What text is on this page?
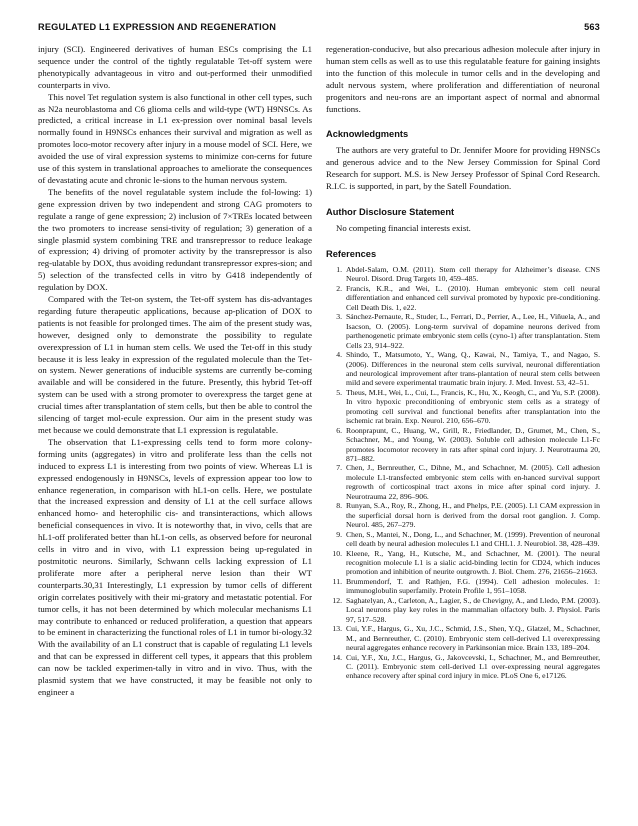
REGULATED L1 EXPRESSION AND REGENERATION	563

injury (SCI). Engineered derivatives of human ESCs comprising the L1 sequence under the control of the tightly regulatable Tet-off system were phenotypically advantageous in vitro and out-performed their unmodified counterparts in vivo.

This novel Tet regulation system is also functional in other cell types, such as N2a neuroblastoma and C6 glioma cells and wild-type (WT) H9NSCs. As predicted, a critical increase in L1 ex-pression over nominal basal levels normally found in H9NSCs enhances their survival and migration as well as promotes loco-motor recovery after injury in a mouse model of SCI. Here, we avoided the use of viral expression systems to minimize con-cerns for future use of this system in translational approaches to ameliorate the consequences of devastating acute and chronic le-sions to the human nervous system.

The benefits of the novel regulatable system include the fol-lowing: 1) gene expression driven by two independent and strong CAG promoters to regulate a range of gene expression; 2) inclusion of 7×TREs located between the two promoters to increase sensi-tivity of regulation; 3) generation of a single plasmid system combining TRE and transrepressor to reduce leakage of expression; 4) driving of promoter activity by the transrepressor is also reg-ulatable by DOX, thus avoiding redundant transrepressor expres-sion; and 5) selection of the transfected cells in vitro by G418 independently of regulation by DOX.

Compared with the Tet-on system, the Tet-off system has dis-advantages regarding future therapeutic applications, because ap-plication of DOX to patients is not feasible for prolonged times. The aim of the present study was, however, designed only to demonstrate the possibility to regulate overexpression of L1 in human stem cells. We used the Tet-off in this study because it is less leaky in expression of the regulated molecule than the Tet-on system. Newer generations of inducible systems are currently be-coming available and will be considered in the future. Presently, this hybrid Tet-off system can be used with a strong promoter to overexpress the target gene at crucial times after transplantation of stem cells, but then be able to control the silencing of target mol-ecule expression. Our aim in the present study was met because we could demonstrate that L1 expression is regulatable.

The observation that L1-expressing cells tend to form more colony-forming units (aggregates) in vitro and proliferate less than the cells not induced to express L1 is interesting from two points of view. Whereas L1 is expressed endogenously in H9NSCs, levels of expression appear too low to enhance regeneration, in comparison with hL1-on cells. Here, we postulate that the increased expression and density of L1 at the cell surface allows enhanced homo- and heterophilic cis- and transinteractions, which allows beneficial consequences in vivo. It is noteworthy that, in vivo, cells that are hL1-off proliferated better than hL1-on cells, as observed before for neuronal cells in vitro and in vivo, with L1 expression being up-regulated in postmitotic neurons. Similarly, Schwann cells lacking expression of L1 proliferate more after a peripheral nerve lesion than their WT counterparts.30,31 Interestingly, L1 expression by tumor cells of different origin correlates positively with their mi-gratory and metastatic potential. For tumor cells, it has not been determined by which molecular mechanisms L1 may contribute to enhanced or reduced proliferation, a question that appears to be eminent in characterizing the functional roles of L1 in tumor bi-ology.32 With the availability of an L1 construct that is capable of regulating L1 levels and that can be expressed in different cell types, it appears that this problem can now be tackled experimen-tally in vitro and in vivo. Thus, with the plasmid system that we have constructed, it may be feasible not only to engineer a

regeneration-conducive, but also precarious adhesion molecule after injury in human stem cells as well as to use this regulatable feature for gaining insights into the function of this molecule in tumor cells and in the developing and adult nervous system, where proliferation and differentiation of neuronal progenitors and neu-rons are an important aspect of normal and abnormal functions.

Acknowledgments

The authors are very grateful to Dr. Jennifer Moore for providing H9NSCs and generous advice and to the New Jersey Commission for Spinal Cord Research for support. M.S. is New Jersey Professor of Spinal Cord Research. R.I.C. is supported, in part, by the Satell Foundation.

Author Disclosure Statement

No competing financial interests exist.

References
1. Abdel-Salam, O.M. (2011). Stem cell therapy for Alzheimer’s disease. CNS Neurol. Disord. Drug Targets 10, 459–485.
2. Francis, K.R., and Wei, L. (2010). Human embryonic stem cell neural differentiation and enhanced cell survival promoted by hypoxic pre-conditioning. Cell Death Dis. 1, e22.
3. Sánchez-Pernaute, R., Studer, L., Ferrari, D., Perrier, A., Lee, H., Viñuela, A., and Isacson, O. (2005). Long-term survival of dopamine neurons derived from parthenogenetic primate embryonic stem cells (cyno-1) after transplantation. Stem Cells 23, 914–922.
4. Shindo, T., Matsumoto, Y., Wang, Q., Kawai, N., Tamiya, T., and Nagao, S. (2006). Differences in the neuronal stem cells survival, neuronal differentiation and neurological improvement after trans-plantation of neural stem cells between mild and severe experimental traumatic brain injury. J. Med. Invest. 53, 42–51.
5. Theus, M.H., Wei, L., Cui, L., Francis, K., Hu, X., Keogh, C., and Yu, S.P. (2008). In vitro hypoxic preconditioning of embryonic stem cells as a strategy of promoting cell survival and functional benefits after transplantation into the ischemic rat brain. Exp. Neurol. 210, 656–670.
6. Roonprapunt, C., Huang, W., Grill, R., Friedlander, D., Grumet, M., Chen, S., Schachner, M., and Young, W. (2003). Soluble cell adhesion molecule L1-Fc promotes locomotor recovery in rats after spinal cord injury. J. Neurotrauma 20, 871–882.
7. Chen, J., Bernreuther, C., Dihne, M., and Schachner, M. (2005). Cell adhesion molecule L1-transfected embryonic stem cells with en-hanced survival support regrowth of corticospinal tract axons in mice after spinal cord injury. J. Neurotrauma 22, 896–906.
8. Runyan, S.A., Roy, R., Zhong, H., and Phelps, P.E. (2005). L1 CAM expression in the superficial dorsal horn is derived from the dorsal root ganglion. J. Comp. Neurol. 485, 267–279.
9. Chen, S., Mantei, N., Dong, L., and Schachner, M. (1999). Prevention of neuronal cell death by neural adhesion molecules L1 and CHL1. J. Neurobiol. 38, 428–439.
10. Kleene, R., Yang, H., Kutsche, M., and Schachner, M. (2001). The neural recognition molecule L1 is a sialic acid-binding lectin for CD24, which induces promotion and inhibition of neurite outgrowth. J. Biol. Chem. 276, 21656–21663.
11. Brummendorf, T. and Rathjen, F.G. (1994). Cell adhesion molecules. 1: immunoglobulin superfamily. Protein Profile 1, 951–1058.
12. Saghatelyan, A., Carleton, A., Lagier, S., de Chevigny, A., and Lledo, P.M. (2003). Local neurons play key roles in the mammalian olfactory bulb. J. Physiol. Paris 97, 517–528.
13. Cui, Y.F., Hargus, G., Xu, J.C., Schmid, J.S., Shen, Y.Q., Glatzel, M., Schachner, M., and Bernreuther, C. (2010). Embryonic stem cell-derived L1 overexpressing neural aggregates enhance recovery in Parkinsonian mice. Brain 133, 189–204.
14. Cui, Y.F., Xu, J.C., Hargus, G., Jakovcevski, I., Schachner, M., and Bernreuther, C. (2011). Embryonic stem cell-derived L1 over-expressing neural aggregates enhance recovery after spinal cord injury in mice. PLoS One 6, e17126.
